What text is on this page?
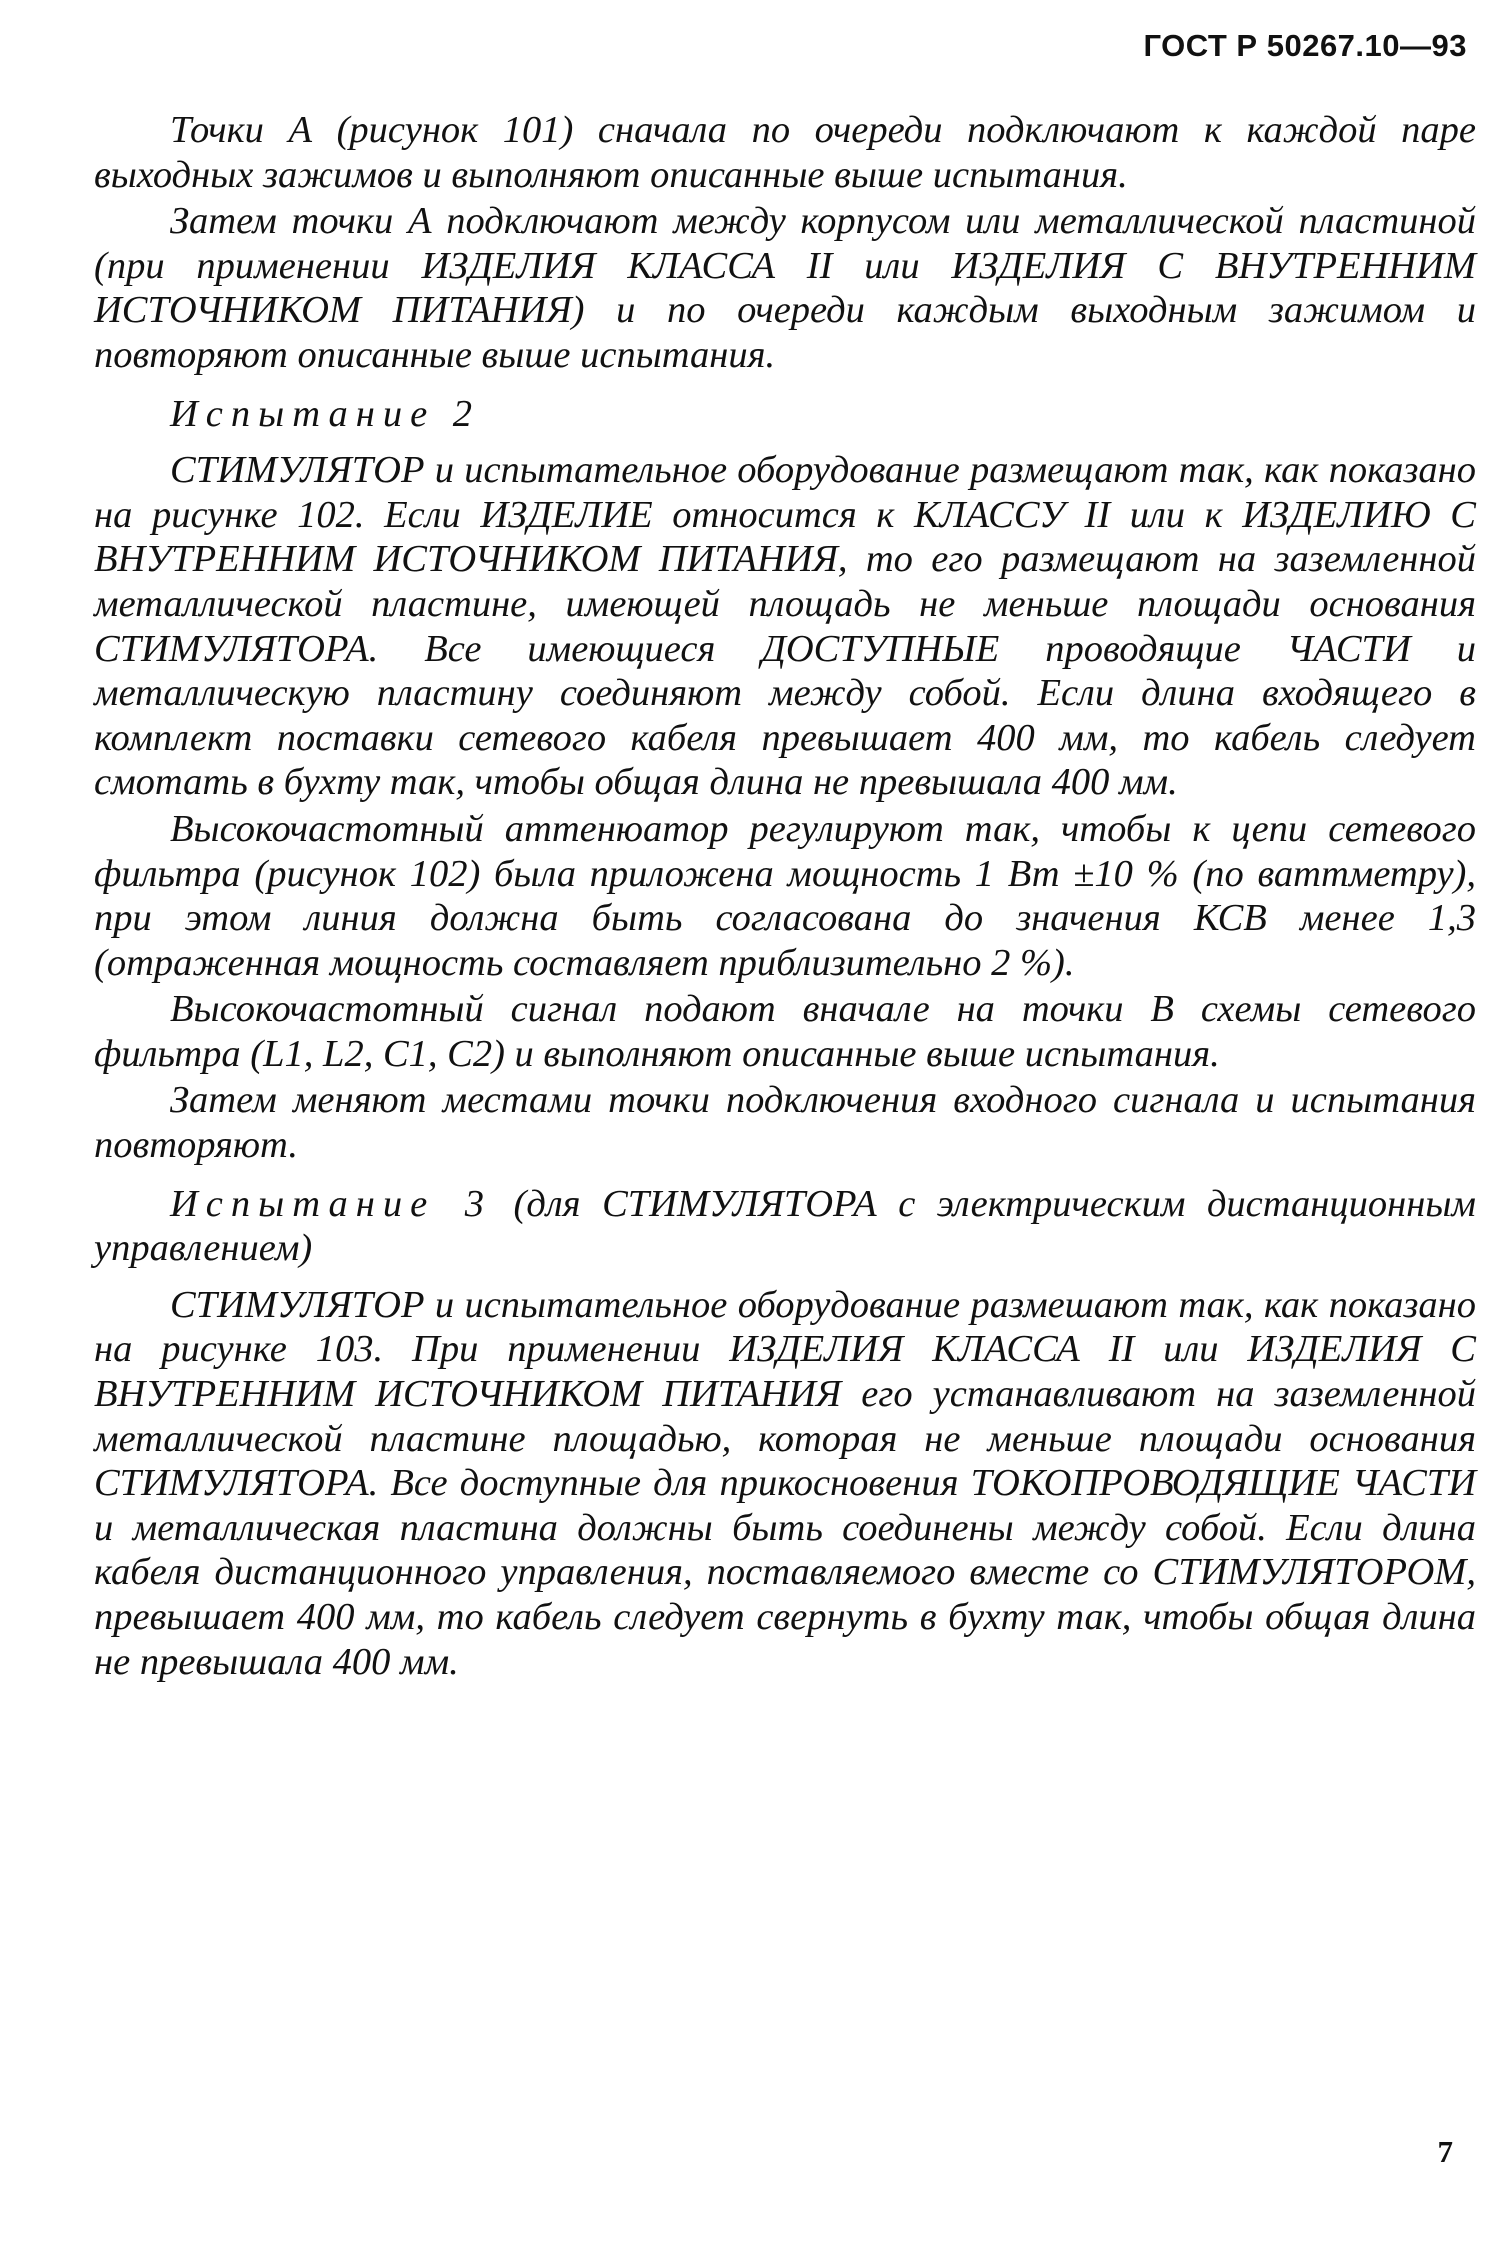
ГОСТ Р 50267.10—93

Точки А (рисунок 101) сначала по очереди подключают к каждой паре выходных зажимов и выполняют описанные выше испытания.

Затем точки А подключают между корпусом или металлической пластиной (при применении ИЗДЕЛИЯ КЛАССА II или ИЗДЕЛИЯ С ВНУТРЕННИМ ИСТОЧНИКОМ ПИТАНИЯ) и по очереди каждым выходным зажимом и повторяют описанные выше испытания.

Испытание 2

СТИМУЛЯТОР и испытательное оборудование размещают так, как показано на рисунке 102. Если ИЗДЕЛИЕ относится к КЛАССУ II или к ИЗДЕЛИЮ С ВНУТРЕННИМ ИСТОЧНИКОМ ПИТАНИЯ, то его размещают на заземленной металлической пластине, имеющей площадь не меньше площади основания СТИМУЛЯТОРА. Все имеющиеся ДОСТУПНЫЕ проводящие ЧАСТИ и металлическую пластину соединяют между собой. Если длина входящего в комплект поставки сетевого кабеля превышает 400 мм, то кабель следует смотать в бухту так, чтобы общая длина не превышала 400 мм.

Высокочастотный аттенюатор регулируют так, чтобы к цепи сетевого фильтра (рисунок 102) была приложена мощность 1 Вт ±10 % (по ваттметру), при этом линия должна быть согласована до значения КСВ менее 1,3 (отраженная мощность составляет приблизительно 2 %).

Высокочастотный сигнал подают вначале на точки В схемы сетевого фильтра (L1, L2, C1, C2) и выполняют описанные выше испытания.

Затем меняют местами точки подключения входного сигнала и испытания повторяют.

Испытание 3 (для СТИМУЛЯТОРА с электрическим дистанционным управлением)

СТИМУЛЯТОР и испытательное оборудование размешают так, как показано на рисунке 103. При применении ИЗДЕЛИЯ КЛАССА II или ИЗДЕЛИЯ С ВНУТРЕННИМ ИСТОЧНИКОМ ПИТАНИЯ его устанавливают на заземленной металлической пластине площадью, которая не меньше площади основания СТИМУЛЯТОРА. Все доступные для прикосновения ТОКОПРОВОДЯЩИЕ ЧАСТИ и металлическая пластина должны быть соединены между собой. Если длина кабеля дистанционного управления, поставляемого вместе со СТИМУЛЯТОРОМ, превышает 400 мм, то кабель следует свернуть в бухту так, чтобы общая длина не превышала 400 мм.

7
